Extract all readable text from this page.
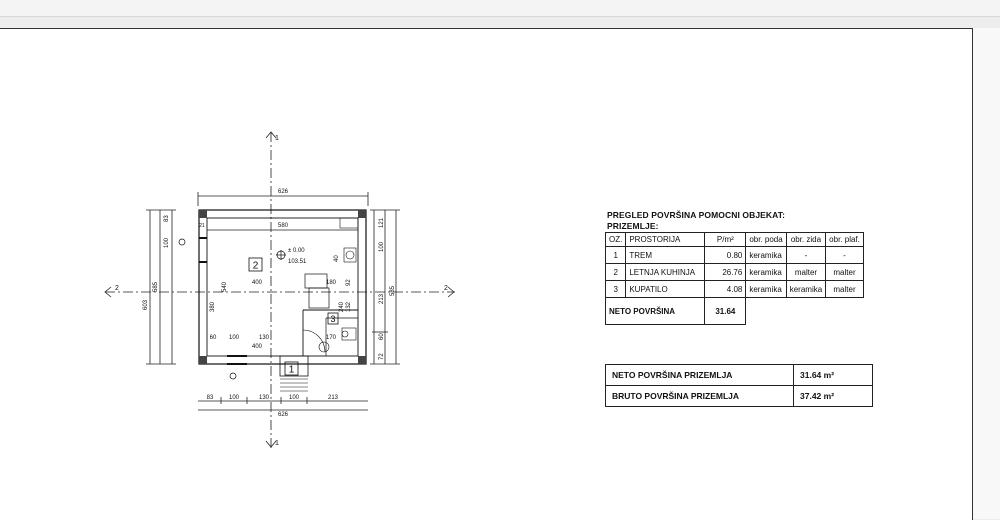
2
1
3
± 0.00
103.51
1
1
2	2
626
580
83	100	130	100	213
626
83
100
585
603
121
100
585
213
60
72
400
380
540
400
100	130
60
21
180 92
170
240 132
40
PREGLED POVRŠINA POMOCNI OBJEKAT:
PRIZEMLJE:
OZ.	PROSTORIJA	P/m²	obr. poda	obr. zida	obr. plaf.
1	TREM	0.80	keramika	-	-
2	LETNJA KUHINJA	26.76	keramika	malter	malter
3	KUPATILO	4.08	keramika	keramika	malter
NETO POVRŠINA		31.64			
NETO POVRŠINA PRIZEMLJA	31.64 m²
BRUTO POVRŠINA PRIZEMLJA	37.42 m²
